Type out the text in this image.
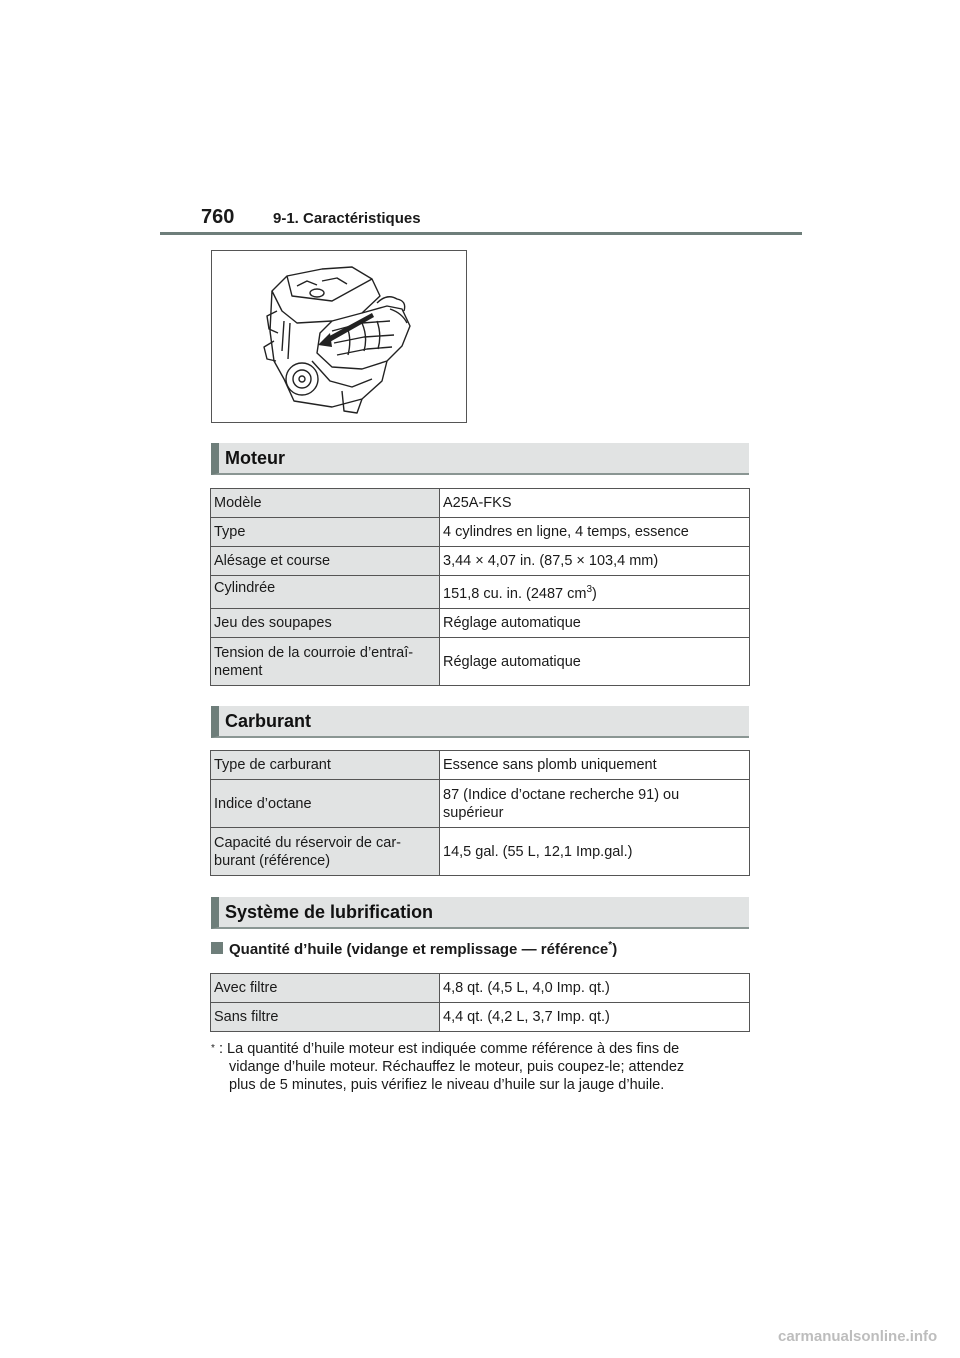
760	9-1. Caractéristiques
Moteur
Modèle	A25A-FKS
Type	4 cylindres en ligne, 4 temps, essence
Alésage et course	3,44 × 4,07 in. (87,5 × 103,4 mm)
Cylindrée	151,8 cu. in. (2487 $cm^3$)
Jeu des soupapes	Réglage automatique
Tension de la courroie d’entraî-
nement	Réglage automatique
Carburant
Type de carburant	Essence sans plomb uniquement
Indice d’octane	87 (Indice d’octane recherche 91) ou
supérieur
Capacité du réservoir de car-
burant (référence)	14,5 gal. (55 L, 12,1 Imp.gal.)
Système de lubrification
Quantité d’huile (vidange et remplissage — référence*)
Avec filtre	4,8 qt. (4,5 L, 4,0 Imp. qt.)
Sans filtre	4,4 qt. (4,2 L, 3,7 Imp. qt.)
* : La quantité d’huile moteur est indiquée comme référence à des fins de
vidange d’huile moteur. Réchauffez le moteur, puis coupez-le; attendez
plus de 5 minutes, puis vérifiez le niveau d’huile sur la jauge d’huile.
carmanualsonline.info
